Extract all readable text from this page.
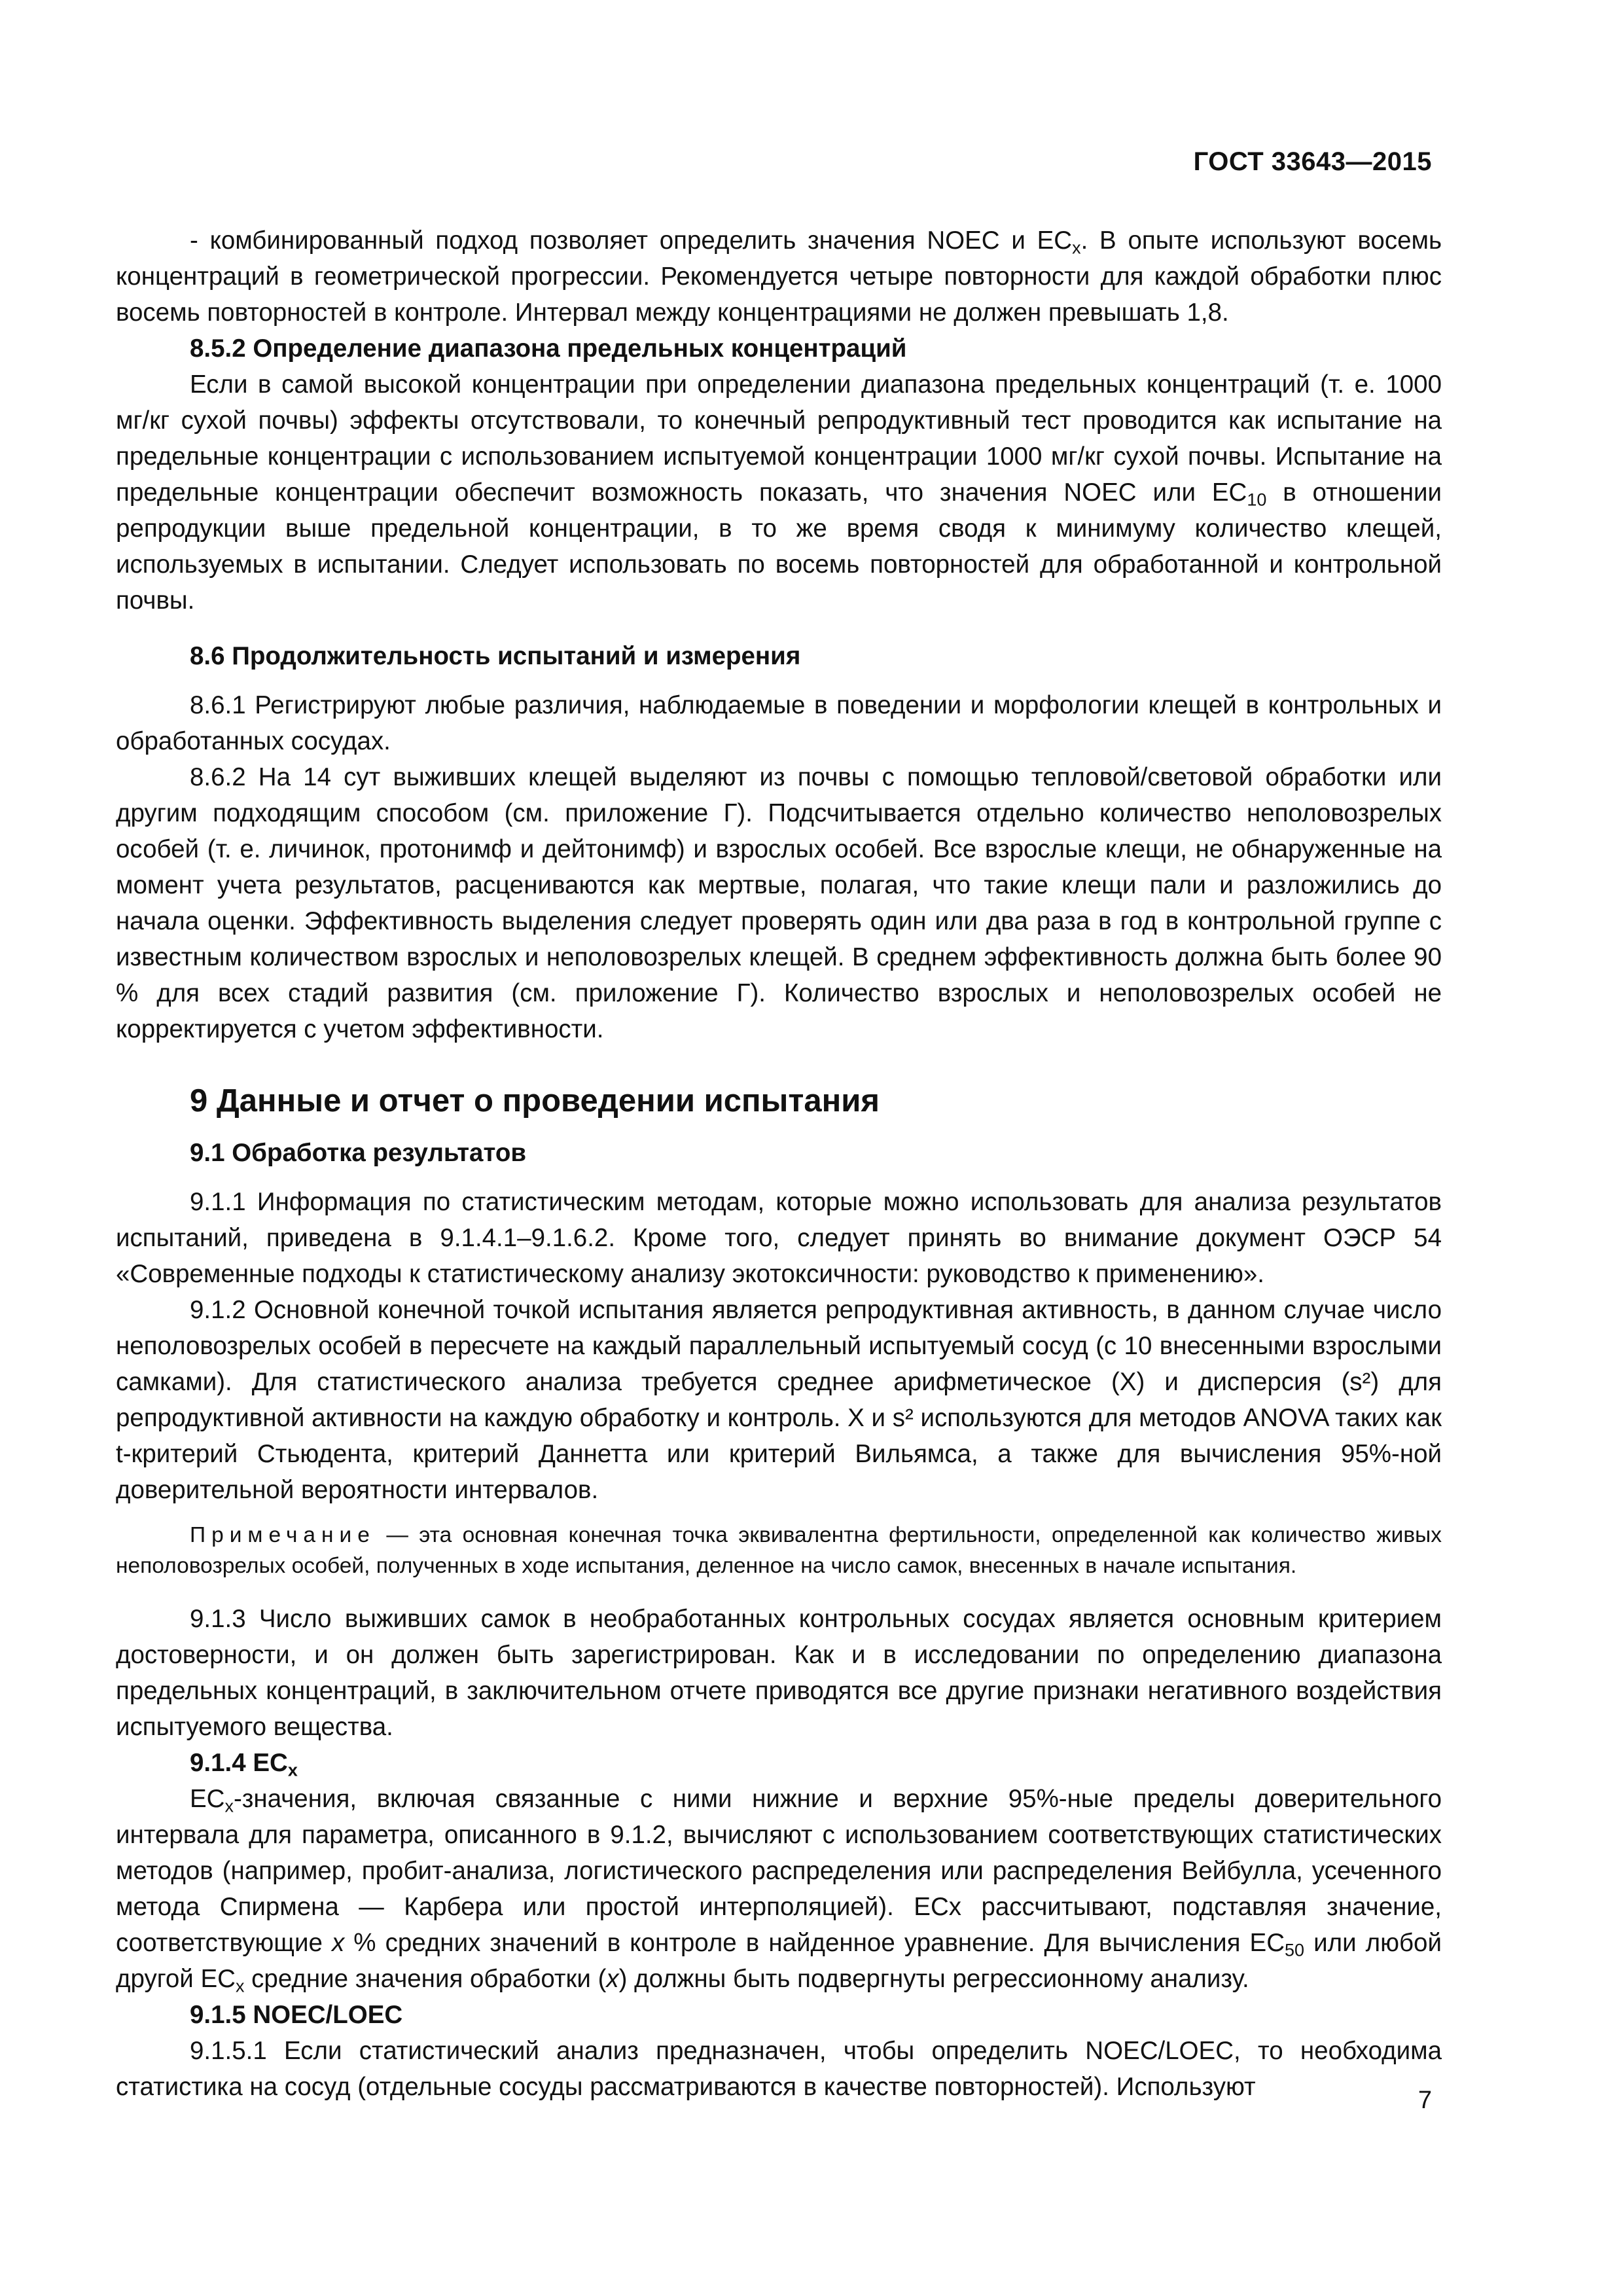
ГОСТ 33643—2015

- комбинированный подход позволяет определить значения NOEC и $EC_x$. В опыте используют восемь концентраций в геометрической прогрессии. Рекомендуется четыре повторности для каждой обработки плюс восемь повторностей в контроле. Интервал между концентрациями не должен превышать 1,8.

8.5.2 Определение диапазона предельных концентраций

Если в самой высокой концентрации при определении диапазона предельных концентраций (т. е. 1000 мг/кг сухой почвы) эффекты отсутствовали, то конечный репродуктивный тест проводится как испытание на предельные концентрации с использованием испытуемой концентрации 1000 мг/кг сухой почвы. Испытание на предельные концентрации обеспечит возможность показать, что значения NOEC или $EC_{10}$ в отношении репродукции выше предельной концентрации, в то же время сводя к минимуму количество клещей, используемых в испытании. Следует использовать по восемь повторностей для обработанной и контрольной почвы.

8.6 Продолжительность испытаний и измерения

8.6.1 Регистрируют любые различия, наблюдаемые в поведении и морфологии клещей в контрольных и обработанных сосудах.

8.6.2 На 14 сут выживших клещей выделяют из почвы с помощью тепловой/световой обработки или другим подходящим способом (см. приложение Г). Подсчитывается отдельно количество неполовозрелых особей (т. е. личинок, протонимф и дейтонимф) и взрослых особей. Все взрослые клещи, не обнаруженные на момент учета результатов, расцениваются как мертвые, полагая, что такие клещи пали и разложились до начала оценки. Эффективность выделения следует проверять один или два раза в год в контрольной группе с известным количеством взрослых и неполовозрелых клещей. В среднем эффективность должна быть более 90 % для всех стадий развития (см. приложение Г). Количество взрослых и неполовозрелых особей не корректируется с учетом эффективности.

9 Данные и отчет о проведении испытания

9.1 Обработка результатов

9.1.1 Информация по статистическим методам, которые можно использовать для анализа результатов испытаний, приведена в 9.1.4.1–9.1.6.2. Кроме того, следует принять во внимание документ ОЭСР 54 «Современные подходы к статистическому анализу экотоксичности: руководство к применению».

9.1.2 Основной конечной точкой испытания является репродуктивная активность, в данном случае число неполовозрелых особей в пересчете на каждый параллельный испытуемый сосуд (с 10 внесенными взрослыми самками). Для статистического анализа требуется среднее арифметическое (X) и дисперсия (s²) для репродуктивной активности на каждую обработку и контроль. X и s² используются для методов ANOVA таких как t-критерий Стьюдента, критерий Даннетта или критерий Вильямса, а также для вычисления 95%-ной доверительной вероятности интервалов.

Примечание — эта основная конечная точка эквивалентна фертильности, определенной как количество живых неполовозрелых особей, полученных в ходе испытания, деленное на число самок, внесенных в начале испытания.

9.1.3 Число выживших самок в необработанных контрольных сосудах является основным критерием достоверности, и он должен быть зарегистрирован. Как и в исследовании по определению диапазона предельных концентраций, в заключительном отчете приводятся все другие признаки негативного воздействия испытуемого вещества.

9.1.4 $EC_x$

$EC_x$-значения, включая связанные с ними нижние и верхние 95%-ные пределы доверительного интервала для параметра, описанного в 9.1.2, вычисляют с использованием соответствующих статистических методов (например, пробит-анализа, логистического распределения или распределения Вейбулла, усеченного метода Спирмена — Карбера или простой интерполяцией). ECx рассчитывают, подставляя значение, соответствующие x % средних значений в контроле в найденное уравнение. Для вычисления $EC_{50}$ или любой другой $EC_x$ средние значения обработки (x) должны быть подвергнуты регрессионному анализу.

9.1.5 NOEC/LOEC

9.1.5.1 Если статистический анализ предназначен, чтобы определить NOEC/LOEC, то необходима статистика на сосуд (отдельные сосуды рассматриваются в качестве повторностей). Используют	7
